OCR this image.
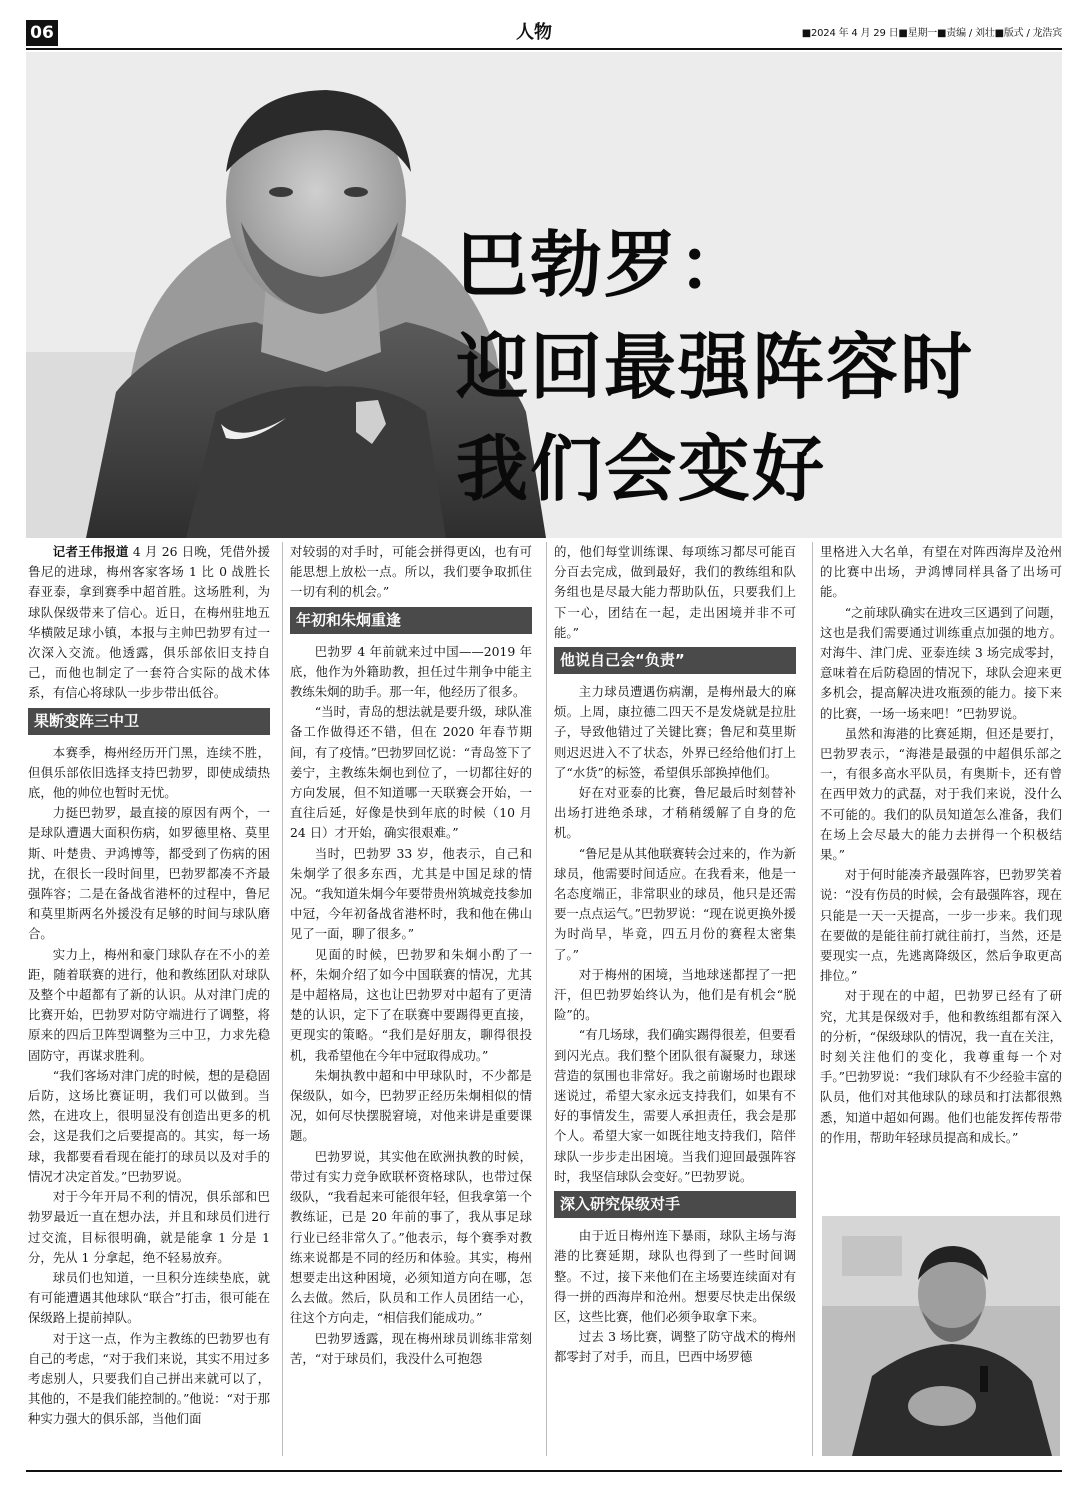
06	人物	■2024 年 4 月 29 日■星期一■责编 / 刘壮■版式 / 龙浩宾
巴勃罗：
迎回最强阵容时
我们会变好

记者王伟报道 4 月 26 日晚，凭借外援鲁尼的进球，梅州客家客场 1 比 0 战胜长春亚泰，拿到赛季中超首胜。这场胜利，为球队保级带来了信心。近日，在梅州驻地五华横陂足球小镇，本报与主帅巴勃罗有过一次深入交流。他透露，俱乐部依旧支持自己，而他也制定了一套符合实际的战术体系，有信心将球队一步步带出低谷。

果断变阵三中卫

本赛季，梅州经历开门黑，连续不胜，但俱乐部依旧选择支持巴勃罗，即使成绩热底，他的帅位也暂时无忧。

力挺巴勃罗，最直接的原因有两个，一是球队遭遇大面积伤病，如罗德里格、莫里斯、叶楚贵、尹鸿博等，都受到了伤病的困扰，在很长一段时间里，巴勃罗都凑不齐最强阵容；二是在备战省港杯的过程中，鲁尼和莫里斯两名外援没有足够的时间与球队磨合。

实力上，梅州和豪门球队存在不小的差距，随着联赛的进行，他和教练团队对球队及整个中超都有了新的认识。从对津门虎的比赛开始，巴勃罗对防守端进行了调整，将原来的四后卫阵型调整为三中卫，力求先稳固防守，再谋求胜利。

“我们客场对津门虎的时候，想的是稳固后防，这场比赛证明，我们可以做到。当然，在进攻上，很明显没有创造出更多的机会，这是我们之后要提高的。其实，每一场球，我都要看看现在能打的球员以及对手的情况才决定首发。”巴勃罗说。

对于今年开局不利的情况，俱乐部和巴勃罗最近一直在想办法，并且和球员们进行过交流，目标很明确，就是能拿 1 分是 1 分，先从 1 分拿起，绝不轻易放弃。

球员们也知道，一旦积分连续垫底，就有可能遭遇其他球队“联合”打击，很可能在保级路上提前掉队。

对于这一点，作为主教练的巴勃罗也有自己的考虑，“对于我们来说，其实不用过多考虑别人，只要我们自己拼出来就可以了，其他的，不是我们能控制的。”他说：“对于那种实力强大的俱乐部，当他们面

对较弱的对手时，可能会拼得更凶，也有可能思想上放松一点。所以，我们要争取抓住一切有利的机会。”

年初和朱炯重逢

巴勃罗 4 年前就来过中国——2019 年底，他作为外籍助教，担任过牛荆争中能主教练朱炯的助手。那一年，他经历了很多。

“当时，青岛的想法就是要升级，球队准备工作做得还不错，但在 2020 年春节期间，有了疫情。”巴勃罗回忆说：“青岛签下了姜宁，主教练朱炯也到位了，一切都往好的方向发展，但不知道哪一天联赛会开始，一直往后延，好像是快到年底的时候（10 月 24 日）才开始，确实很艰难。”

当时，巴勃罗 33 岁，他表示，自己和朱炯学了很多东西，尤其是中国足球的情况。“我知道朱炯今年要带贵州筑城竞技参加中冠，今年初备战省港杯时，我和他在佛山见了一面，聊了很多。”

见面的时候，巴勃罗和朱炯小酌了一杯，朱炯介绍了如今中国联赛的情况，尤其是中超格局，这也让巴勃罗对中超有了更清楚的认识，定下了在联赛中要踢得更直接，更现实的策略。“我们是好朋友，聊得很投机，我希望他在今年中冠取得成功。”

朱炯执教中超和中甲球队时，不少都是保级队，如今，巴勃罗正经历朱炯相似的情况，如何尽快摆脱窘境，对他来讲是重要课题。

巴勃罗说，其实他在欧洲执教的时候，带过有实力竞争欧联杯资格球队，也带过保级队，“我看起来可能很年轻，但我拿第一个教练证，已是 20 年前的事了，我从事足球行业已经非常久了。”他表示，每个赛季对教练来说都是不同的经历和体验。其实，梅州想要走出这种困境，必须知道方向在哪，怎么去做。然后，队员和工作人员团结一心，往这个方向走，“相信我们能成功。”

巴勃罗透露，现在梅州球员训练非常刻苦，“对于球员们，我没什么可抱怨

的，他们每堂训练课、每项练习都尽可能百分百去完成，做到最好，我们的教练组和队务组也是尽最大能力帮助队伍，只要我们上下一心，团结在一起，走出困境并非不可能。”

他说自己会“负责”

主力球员遭遇伤病潮，是梅州最大的麻烦。上周，康拉德二四天不是发烧就是拉肚子，导致他错过了关键比赛；鲁尼和莫里斯则迟迟进入不了状态，外界已经给他们打上了“水货”的标签，希望俱乐部换掉他们。

好在对亚泰的比赛，鲁尼最后时刻替补出场打进绝杀球，才稍稍缓解了自身的危机。

“鲁尼是从其他联赛转会过来的，作为新球员，他需要时间适应。在我看来，他是一名态度端正，非常职业的球员，他只是还需要一点点运气。”巴勃罗说：“现在说更换外援为时尚早，毕竟，四五月份的赛程太密集了。”

对于梅州的困境，当地球迷都捏了一把汗，但巴勃罗始终认为，他们是有机会“脱险”的。

“有几场球，我们确实踢得很差，但要看到闪光点。我们整个团队很有凝聚力，球迷营造的氛围也非常好。我之前谢场时也跟球迷说过，希望大家永远支持我们，如果有不好的事情发生，需要人承担责任，我会是那个人。希望大家一如既往地支持我们，陪伴球队一步步走出困境。当我们迎回最强阵容时，我坚信球队会变好。”巴勃罗说。

深入研究保级对手

由于近日梅州连下暴雨，球队主场与海港的比赛延期，球队也得到了一些时间调整。不过，接下来他们在主场要连续面对有得一拼的西海岸和沧州。想要尽快走出保级区，这些比赛，他们必须争取拿下来。

过去 3 场比赛，调整了防守战术的梅州都零封了对手，而且，巴西中场罗德

里格进入大名单，有望在对阵西海岸及沧州的比赛中出场，尹鸿博同样具备了出场可能。

“之前球队确实在进攻三区遇到了问题，这也是我们需要通过训练重点加强的地方。对海牛、津门虎、亚泰连续 3 场完成零封，意味着在后防稳固的情况下，球队会迎来更多机会，提高解决进攻瓶颈的能力。接下来的比赛，一场一场来吧！”巴勃罗说。

虽然和海港的比赛延期，但还是要打，巴勃罗表示，“海港是最强的中超俱乐部之一，有很多高水平队员，有奥斯卡，还有曾在西甲效力的武磊，对于我们来说，没什么不可能的。我们的队员知道怎么准备，我们在场上会尽最大的能力去拼得一个积极结果。”

对于何时能凑齐最强阵容，巴勃罗笑着说：“没有伤员的时候，会有最强阵容，现在只能是一天一天提高，一步一步来。我们现在要做的是能往前打就往前打，当然，还是要现实一点，先逃离降级区，然后争取更高排位。”

对于现在的中超，巴勃罗已经有了研究，尤其是保级对手，他和教练组都有深入的分析，“保级球队的情况，我一直在关注，时刻关注他们的变化，我尊重每一个对手。”巴勃罗说：“我们球队有不少经验丰富的队员，他们对其他球队的球员和打法都很熟悉，知道中超如何踢。他们也能发挥传帮带的作用，帮助年轻球员提高和成长。”
